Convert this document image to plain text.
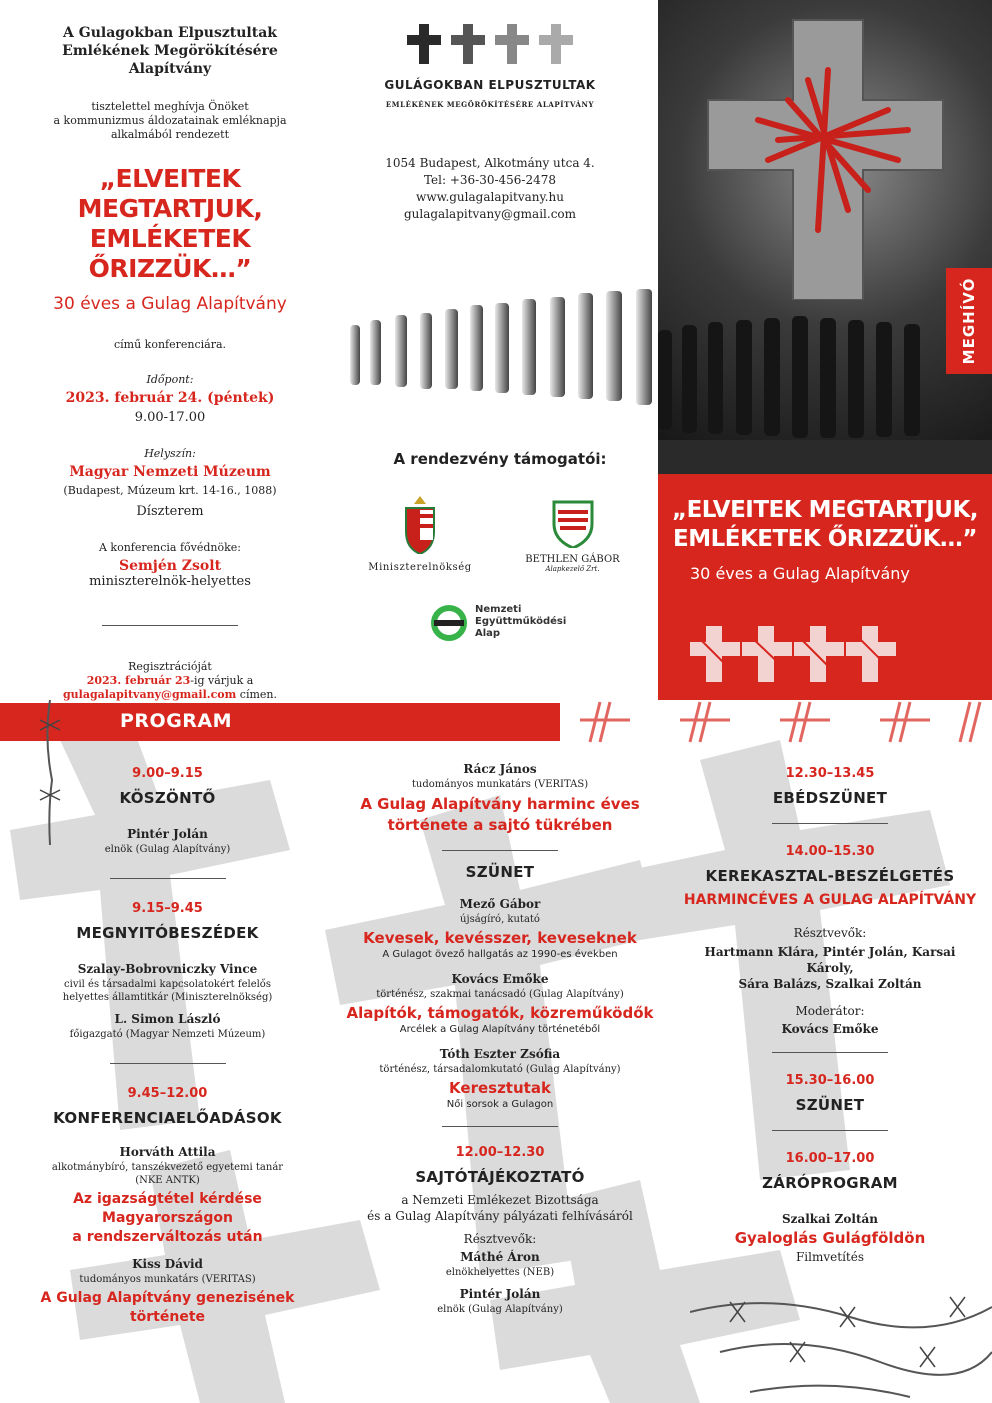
A Gulagokban Elpusztultak
Emlékének Megörökítésére
Alapítvány
tisztelettel meghívja Önöket
a kommunizmus áldozatainak emléknapja
alkalmából rendezett
„ELVEITEK MEGTARTJUK,
EMLÉKETEK ŐRIZZÜK…”
30 éves a Gulag Alapítvány
című konferenciára.
Időpont:
2023. február 24. (péntek)
9.00-17.00
Helyszín:
Magyar Nemzeti Múzeum
(Budapest, Múzeum krt. 14-16., 1088)
Díszterem
A konferencia fővédnöke:
Semjén Zsolt
miniszterelnök-helyettes
Regisztrációját
2023. február 23-ig várjuk a
gulagalapitvany@gmail.com címen.
GULÁGOKBAN ELPUSZTULTAK
EMLÉKÉNEK MEGÖRÖKÍTÉSÉRE ALAPÍTVÁNY
1054 Budapest, Alkotmány utca 4.
Tel: +36-30-456-2478
www.gulagalapitvany.hu
gulagalapitvany@gmail.com
MEGHÍVÓ
A rendezvény támogatói:
Miniszterelnökség
BETHLEN GÁBOR
Alapkezelő Zrt.
Nemzeti
Együttműködési
Alap
„ELVEITEK MEGTARTJUK,
EMLÉKETEK ŐRIZZÜK…”
30 éves a Gulag Alapítvány
PROGRAM
9.00–9.15
KÖSZÖNTŐ
Pintér Jolán
elnök (Gulag Alapítvány)
9.15–9.45
MEGNYITÓBESZÉDEK
Szalay-Bobrovniczky Vince
civil és társadalmi kapcsolatokért felelős
helyettes államtitkár (Miniszterelnökség)
L. Simon László
főigazgató (Magyar Nemzeti Múzeum)
9.45–12.00
KONFERENCIAELŐADÁSOK
Horváth Attila
alkotmánybíró, tanszékvezető egyetemi tanár
(NKE ANTK)
Az igazságtétel kérdése Magyarországon
a rendszerváltozás után
Kiss Dávid
tudományos munkatárs (VERITAS)
A Gulag Alapítvány genezisének
története
Rácz János
tudományos munkatárs (VERITAS)
A Gulag Alapítvány harminc éves
története a sajtó tükrében
SZÜNET
Mező Gábor
újságíró, kutató
Kevesek, kevésszer, keveseknek
A Gulagot övező hallgatás az 1990-es években
Kovács Emőke
történész, szakmai tanácsadó (Gulag Alapítvány)
Alapítók, támogatók, közreműködők
Arcélek a Gulag Alapítvány történetéből
Tóth Eszter Zsófia
történész, társadalomkutató (Gulag Alapítvány)
Keresztutak
Női sorsok a Gulagon
12.00–12.30
SAJTÓTÁJÉKOZTATÓ
a Nemzeti Emlékezet Bizottsága
és a Gulag Alapítvány pályázati felhívásáról
Résztvevők:
Máthé Áron
elnökhelyettes (NEB)
Pintér Jolán
elnök (Gulag Alapítvány)
12.30–13.45
EBÉDSZÜNET
14.00–15.30
KEREKASZTAL-BESZÉLGETÉS
HARMINCÉVES A GULAG ALAPÍTVÁNY
Résztvevők:
Hartmann Klára, Pintér Jolán, Karsai Károly,
Sára Balázs, Szalkai Zoltán
Moderátor:
Kovács Emőke
15.30–16.00
SZÜNET
16.00–17.00
ZÁRÓPROGRAM
Szalkai Zoltán
Gyaloglás Gulágföldön
Filmvetítés
